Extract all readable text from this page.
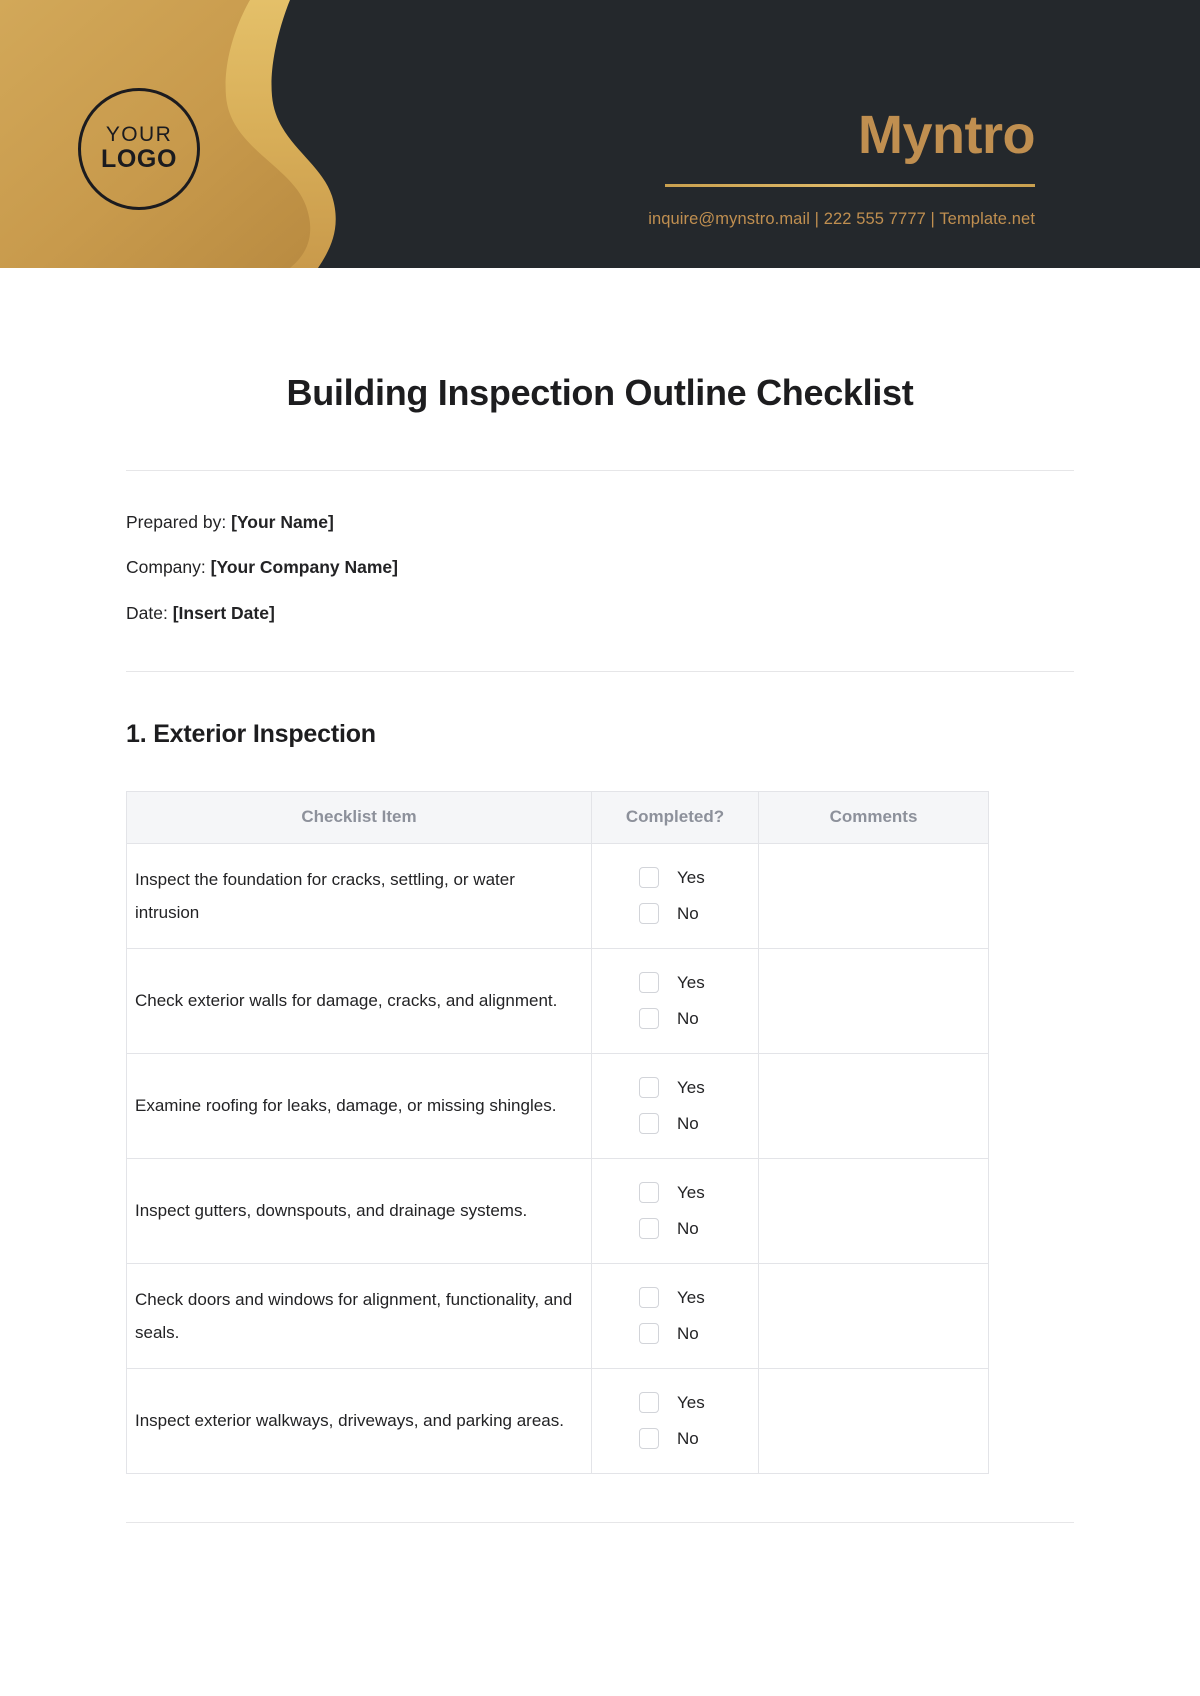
YOUR
LOGO	Myntro
inquire@mynstro.mail | 222 555 7777 | Template.net
Building Inspection Outline Checklist
Prepared by: [Your Name]
Company: [Your Company Name]
Date: [Insert Date]
1. Exterior Inspection
Checklist Item	Completed?	Comments
Inspect the foundation for cracks, settling, or water intrusion	Yes
No	

Check exterior walls for damage, cracks, and alignment.	Yes
No	

Examine roofing for leaks, damage, or missing shingles.	Yes
No	

Inspect gutters, downspouts, and drainage systems.	Yes
No	

Check doors and windows for alignment, functionality, and seals.	Yes
No	

Inspect exterior walkways, driveways, and parking areas.	Yes
No	
